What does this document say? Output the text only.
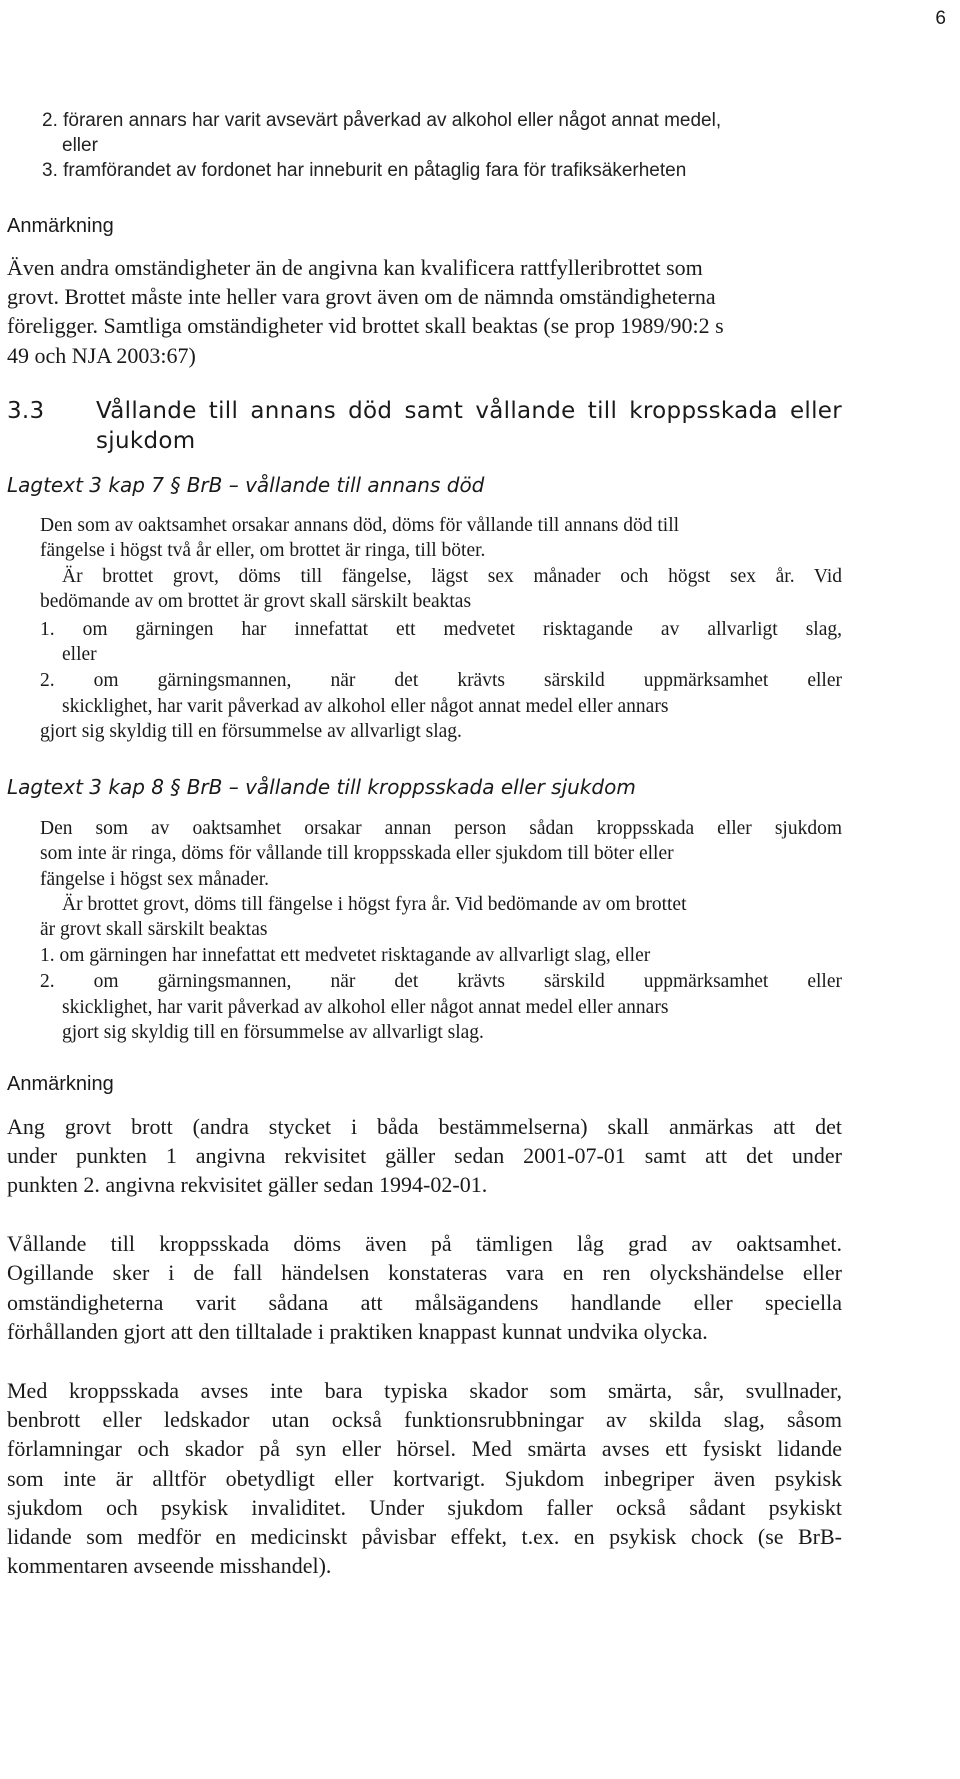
6
2. föraren annars har varit avsevärt påverkad av alkohol eller något annat medel,
eller
3. framförandet av fordonet har inneburit en påtaglig fara för trafiksäkerheten
Anmärkning
Även andra omständigheter än de angivna kan kvalificera rattfylleribrottet som
grovt. Brottet måste inte heller vara grovt även om de nämnda omständigheterna
föreligger. Samtliga omständigheter vid brottet skall beaktas (se prop 1989/90:2 s
49 och NJA 2003:67)
3.3 Vållande till annans död samt vållande till kroppsskada eller
sjukdom
Lagtext 3 kap 7 § BrB – vållande till annans död
Den som av oaktsamhet orsakar annans död, döms för vållande till annans död till
fängelse i högst två år eller, om brottet är ringa, till böter.
Är brottet grovt, döms till fängelse, lägst sex månader och högst sex år. Vid
bedömande av om brottet är grovt skall särskilt beaktas
1. om gärningen har innefattat ett medvetet risktagande av allvarligt slag,
eller
2. om gärningsmannen, när det krävts särskild uppmärksamhet eller
skicklighet, har varit påverkad av alkohol eller något annat medel eller annars
gjort sig skyldig till en försummelse av allvarligt slag.
Lagtext 3 kap 8 § BrB – vållande till kroppsskada eller sjukdom
Den som av oaktsamhet orsakar annan person sådan kroppsskada eller sjukdom
som inte är ringa, döms för vållande till kroppsskada eller sjukdom till böter eller
fängelse i högst sex månader.
Är brottet grovt, döms till fängelse i högst fyra år. Vid bedömande av om brottet
är grovt skall särskilt beaktas
1. om gärningen har innefattat ett medvetet risktagande av allvarligt slag, eller
2. om gärningsmannen, när det krävts särskild uppmärksamhet eller
skicklighet, har varit påverkad av alkohol eller något annat medel eller annars
gjort sig skyldig till en försummelse av allvarligt slag.
Anmärkning
Ang grovt brott (andra stycket i båda bestämmelserna) skall anmärkas att det
under punkten 1 angivna rekvisitet gäller sedan 2001-07-01 samt att det under
punkten 2. angivna rekvisitet gäller sedan 1994-02-01.
Vållande till kroppsskada döms även på tämligen låg grad av oaktsamhet.
Ogillande sker i de fall händelsen konstateras vara en ren olyckshändelse eller
omständigheterna varit sådana att målsägandens handlande eller speciella
förhållanden gjort att den tilltalade i praktiken knappast kunnat undvika olycka.
Med kroppsskada avses inte bara typiska skador som smärta, sår, svullnader,
benbrott eller ledskador utan också funktionsrubbningar av skilda slag, såsom
förlamningar och skador på syn eller hörsel. Med smärta avses ett fysiskt lidande
som inte är alltför obetydligt eller kortvarigt. Sjukdom inbegriper även psykisk
sjukdom och psykisk invaliditet. Under sjukdom faller också sådant psykiskt
lidande som medför en medicinskt påvisbar effekt, t.ex. en psykisk chock (se BrB-
kommentaren avseende misshandel).
